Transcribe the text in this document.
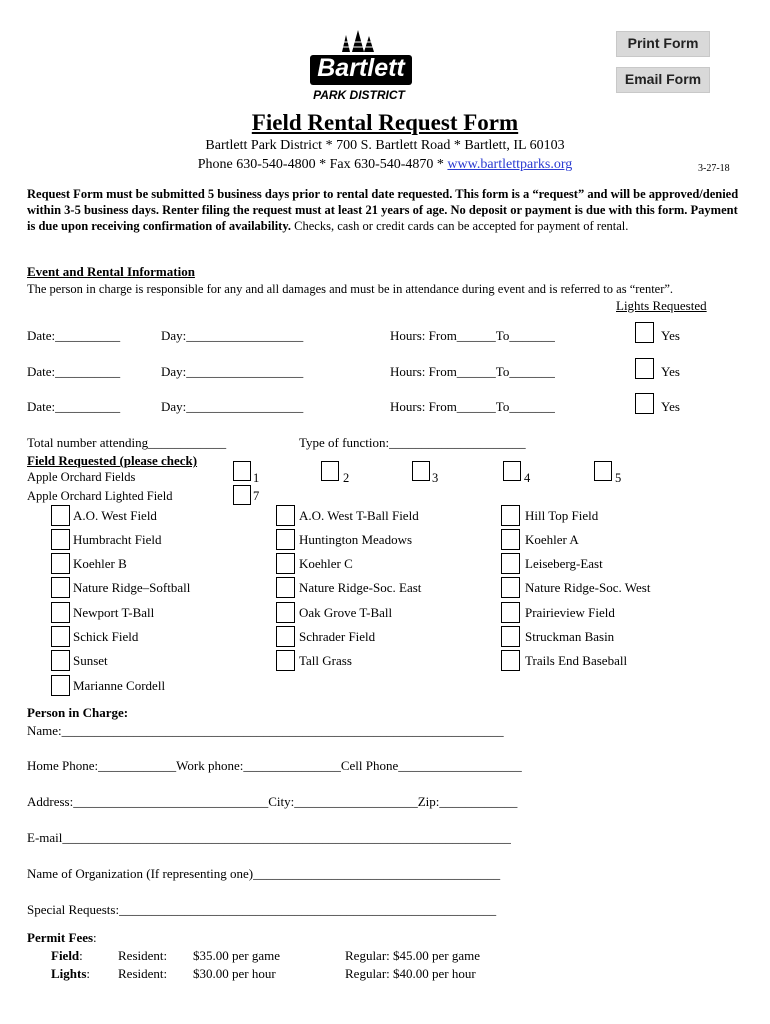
Print Form
Email Form
Bartlett
PARK DISTRICT
Field Rental Request Form
Bartlett Park District * 700 S. Bartlett Road * Bartlett, IL 60103
Phone 630-540-4800 * Fax 630-540-4870 * www.bartlettparks.org	3-27-18
Request Form must be submitted 5 business days prior to rental date requested. This form is a “request” and will be approved/denied within 3-5 business days. Renter filing the request must at least 21 years of age. No deposit or payment is due with this form. Payment is due upon receiving confirmation of availability. Checks, cash or credit cards can be accepted for payment of rental.
Event and Rental Information
The person in charge is responsible for any and all damages and must be in attendance during event and is referred to as “renter”.
Lights Requested
Date:__________	Day:__________________	Hours: From______To_______	Yes
Date:__________	Day:__________________	Hours: From______To_______	Yes
Date:__________	Day:__________________	Hours: From______To_______	Yes
Total number attending____________	Type of function:_____________________
Field Requested (please check)
Apple Orchard Fields	1	2	3	4	5
Apple Orchard Lighted Field	7
A.O. West Field	A.O. West T-Ball Field	Hill Top Field
Humbracht Field	Huntington Meadows	Koehler A
Koehler B	Koehler C	Leiseberg-East
Nature Ridge–Softball	Nature Ridge-Soc. East	Nature Ridge-Soc. West
Newport T-Ball	Oak Grove T-Ball	Prairieview Field
Schick Field	Schrader Field	Struckman Basin
Sunset	Tall Grass	Trails End Baseball
Marianne Cordell
Person in Charge:
Name:____________________________________________________________________
Home Phone:____________Work phone:_______________Cell Phone___________________
Address:______________________________City:___________________Zip:____________
E-mail_____________________________________________________________________
Name of Organization (If representing one)______________________________________
Special Requests:__________________________________________________________
Permit Fees:
Field:	Resident: $35.00 per game	Regular: $45.00 per game
Lights: Resident: $30.00 per hour	Regular: $40.00 per hour
